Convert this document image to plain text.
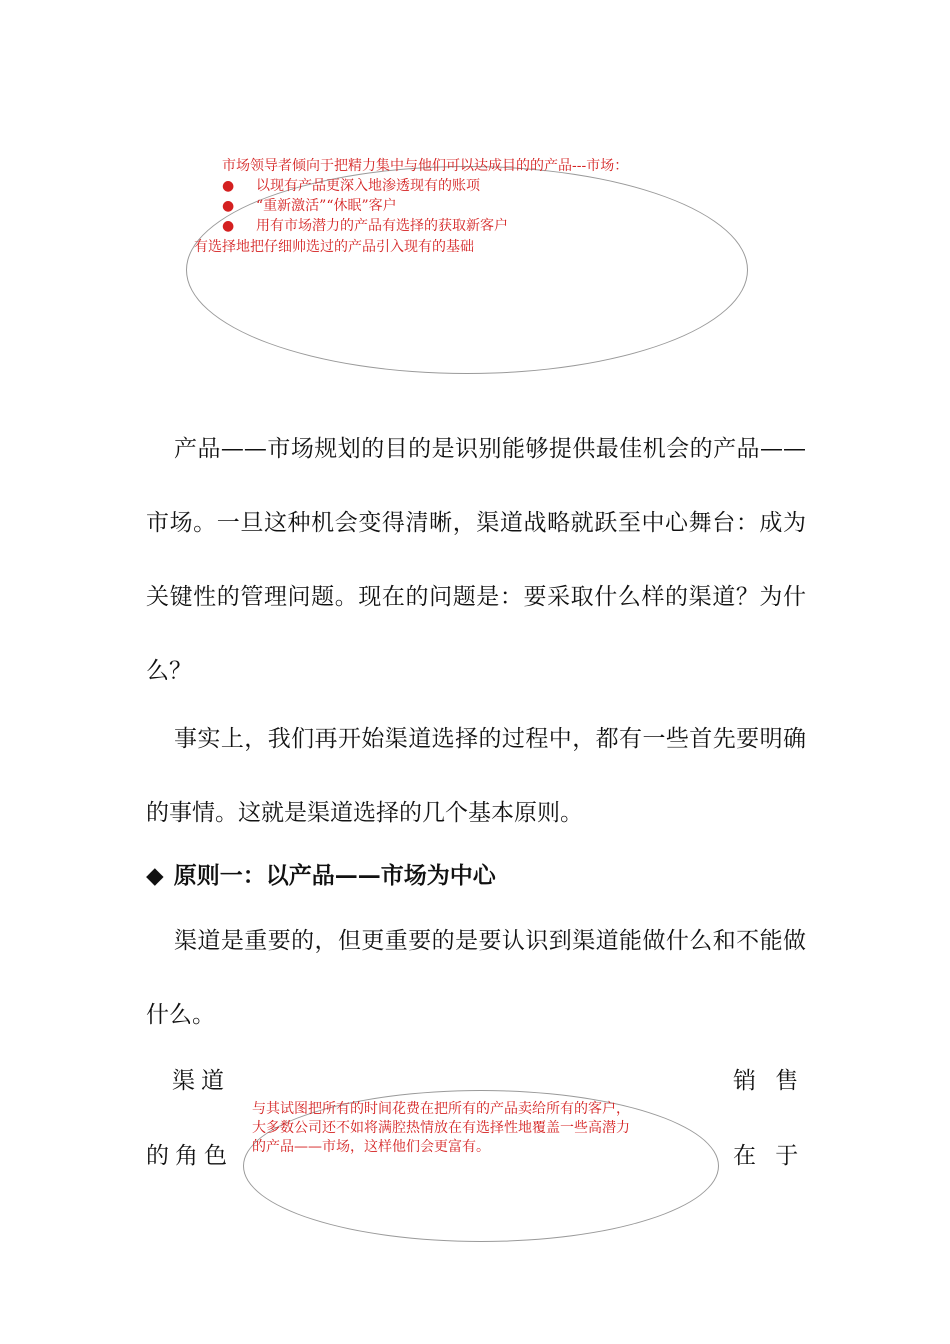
市场领导者倾向于把精力集中与他们可以达成目的的产品---市场：
● 以现有产品更深入地渗透现有的账项
● “重新激活”“休眠”客户
● 用有市场潜力的产品有选择的获取新客户
有选择地把仔细帅选过的产品引入现有的基础

产品——市场规划的目的是识别能够提供最佳机会的产品——市场。一旦这种机会变得清晰，渠道战略就跃至中心舞台：成为关键性的管理问题。现在的问题是：要采取什么样的渠道？为什么？

事实上，我们再开始渠道选择的过程中，都有一些首先要明确的事情。这就是渠道选择的几个基本原则。

◆ 原则一：以产品——市场为中心

渠道是重要的，但更重要的是要认识到渠道能做什么和不能做什么。

渠道	销 售
的角色	在 于
与其试图把所有的时间花费在把所有的产品卖给所有的客户，
大多数公司还不如将满腔热情放在有选择性地覆盖一些高潜力
的产品——市场，这样他们会更富有。
